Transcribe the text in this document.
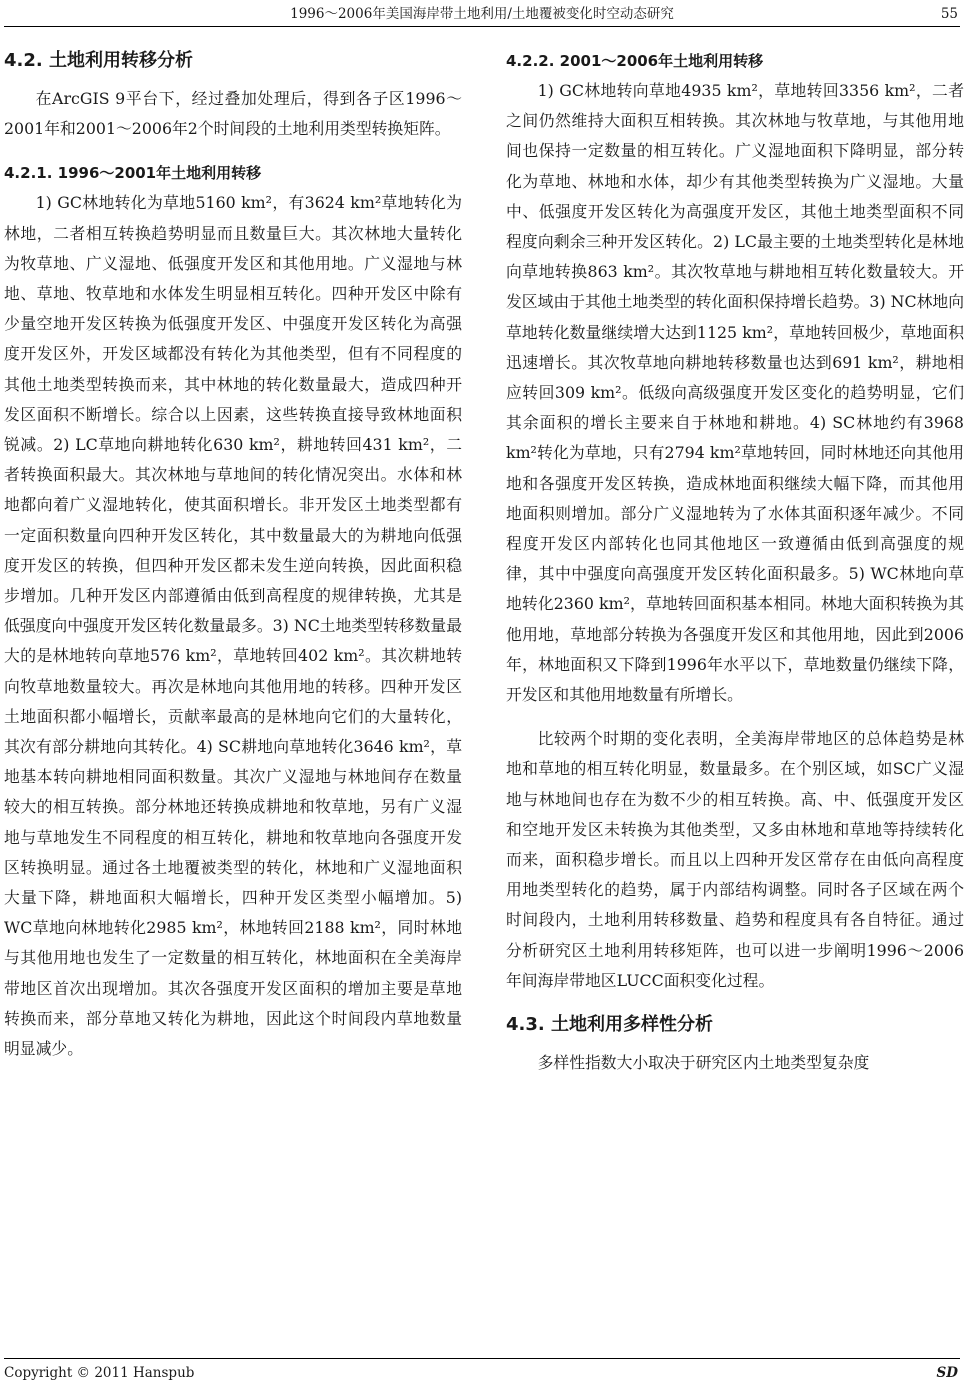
1996～2006年美国海岸带土地利用/土地覆被变化时空动态研究	55
4.2. 土地利用转移分析

在ArcGIS 9平台下，经过叠加处理后，得到各子区1996～2001年和2001～2006年2个时间段的土地利用类型转换矩阵。

4.2.1. 1996～2001年土地利用转移

1) GC林地转化为草地5160 km²，有3624 km²草地转化为林地，二者相互转换趋势明显而且数量巨大。其次林地大量转化为牧草地、广义湿地、低强度开发区和其他用地。广义湿地与林地、草地、牧草地和水体发生明显相互转化。四种开发区中除有少量空地开发区转换为低强度开发区、中强度开发区转化为高强度开发区外，开发区域都没有转化为其他类型，但有不同程度的其他土地类型转换而来，其中林地的转化数量最大，造成四种开发区面积不断增长。综合以上因素，这些转换直接导致林地面积锐减。2) LC草地向耕地转化630 km²，耕地转回431 km²，二者转换面积最大。其次林地与草地间的转化情况突出。水体和林地都向着广义湿地转化，使其面积增长。非开发区土地类型都有一定面积数量向四种开发区转化，其中数量最大的为耕地向低强度开发区的转换，但四种开发区都未发生逆向转换，因此面积稳步增加。几种开发区内部遵循由低到高程度的规律转换，尤其是低强度向中强度开发区转化数量最多。3) NC土地类型转移数量最大的是林地转向草地576 km²，草地转回402 km²。其次耕地转向牧草地数量较大。再次是林地向其他用地的转移。四种开发区土地面积都小幅增长，贡献率最高的是林地向它们的大量转化，其次有部分耕地向其转化。4) SC耕地向草地转化3646 km²，草地基本转向耕地相同面积数量。其次广义湿地与林地间存在数量较大的相互转换。部分林地还转换成耕地和牧草地，另有广义湿地与草地发生不同程度的相互转化，耕地和牧草地向各强度开发区转换明显。通过各土地覆被类型的转化，林地和广义湿地面积大量下降，耕地面积大幅增长，四种开发区类型小幅增加。5) WC草地向林地转化2985 km²，林地转回2188 km²，同时林地与其他用地也发生了一定数量的相互转化，林地面积在全美海岸带地区首次出现增加。其次各强度开发区面积的增加主要是草地转换而来，部分草地又转化为耕地，因此这个时间段内草地数量明显减少。

4.2.2. 2001～2006年土地利用转移

1) GC林地转向草地4935 km²，草地转回3356 km²，二者之间仍然维持大面积互相转换。其次林地与牧草地，与其他用地间也保持一定数量的相互转化。广义湿地面积下降明显，部分转化为草地、林地和水体，却少有其他类型转换为广义湿地。大量中、低强度开发区转化为高强度开发区，其他土地类型面积不同程度向剩余三种开发区转化。2) LC最主要的土地类型转化是林地向草地转换863 km²。其次牧草地与耕地相互转化数量较大。开发区域由于其他土地类型的转化面积保持增长趋势。3) NC林地向草地转化数量继续增大达到1125 km²，草地转回极少，草地面积迅速增长。其次牧草地向耕地转移数量也达到691 km²，耕地相应转回309 km²。低级向高级强度开发区变化的趋势明显，它们其余面积的增长主要来自于林地和耕地。4) SC林地约有3968 km²转化为草地，只有2794 km²草地转回，同时林地还向其他用地和各强度开发区转换，造成林地面积继续大幅下降，而其他用地面积则增加。部分广义湿地转为了水体其面积逐年减少。不同程度开发区内部转化也同其他地区一致遵循由低到高强度的规律，其中中强度向高强度开发区转化面积最多。5) WC林地向草地转化2360 km²，草地转回面积基本相同。林地大面积转换为其他用地，草地部分转换为各强度开发区和其他用地，因此到2006年，林地面积又下降到1996年水平以下，草地数量仍继续下降，开发区和其他用地数量有所增长。

比较两个时期的变化表明，全美海岸带地区的总体趋势是林地和草地的相互转化明显，数量最多。在个别区域，如SC广义湿地与林地间也存在为数不少的相互转换。高、中、低强度开发区和空地开发区未转换为其他类型，又多由林地和草地等持续转化而来，面积稳步增长。而且以上四种开发区常存在由低向高程度用地类型转化的趋势，属于内部结构调整。同时各子区域在两个时间段内，土地利用转移数量、趋势和程度具有各自特征。通过分析研究区土地利用转移矩阵，也可以进一步阐明1996～2006年间海岸带地区LUCC面积变化过程。

4.3. 土地利用多样性分析

多样性指数大小取决于研究区内土地类型复杂度

Copyright © 2011 Hanspub	SD
